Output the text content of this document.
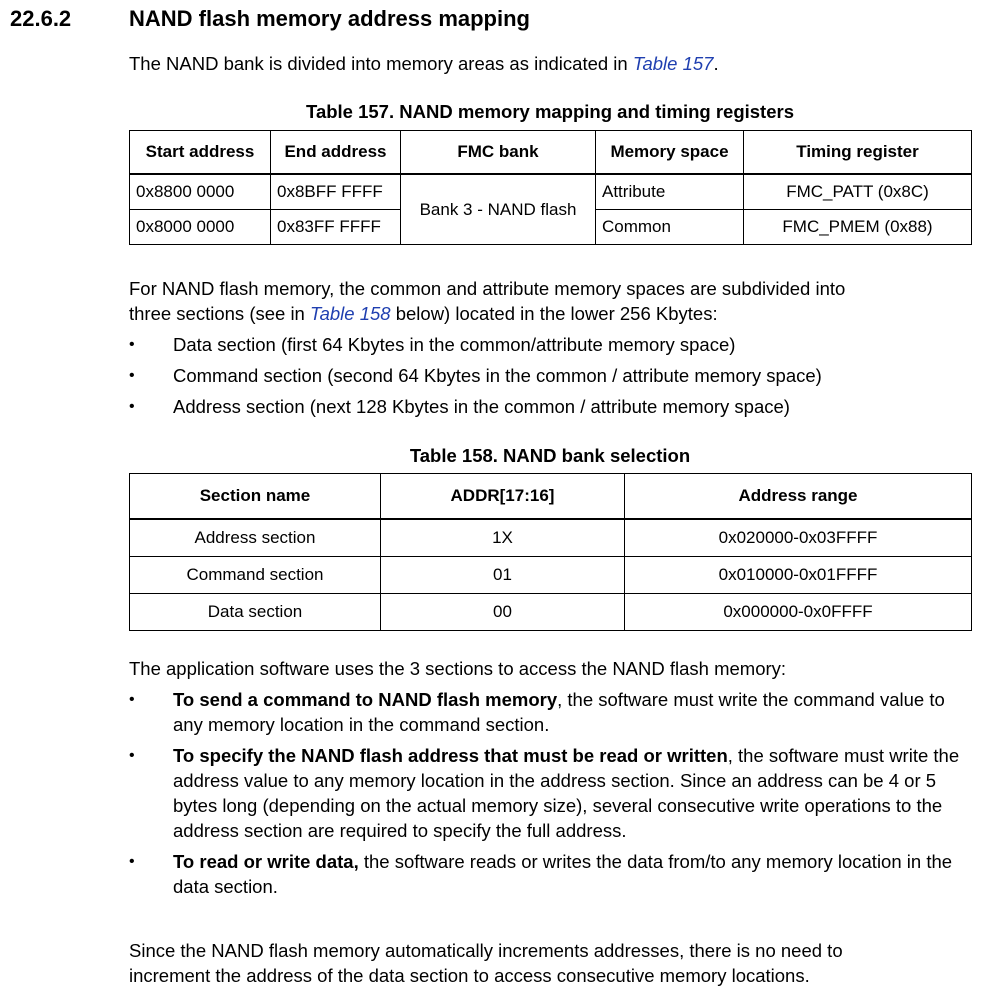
22.6.2	NAND flash memory address mapping
The NAND bank is divided into memory areas as indicated in Table 157.
Table 157. NAND memory mapping and timing registers
Start address	End address	FMC bank	Memory space	Timing register
0x8800 0000	0x8BFF FFFF	Bank 3 - NAND flash	Attribute	FMC_PATT (0x8C)
0x8000 0000	0x83FF FFFF		Common	FMC_PMEM (0x88)
For NAND flash memory, the common and attribute memory spaces are subdivided into
three sections (see in Table 158 below) located in the lower 256 Kbytes:
• Data section (first 64 Kbytes in the common/attribute memory space)
• Command section (second 64 Kbytes in the common / attribute memory space)
• Address section (next 128 Kbytes in the common / attribute memory space)
Table 158. NAND bank selection
Section name	ADDR[17:16]	Address range
Address section	1X	0x020000-0x03FFFF
Command section	01	0x010000-0x01FFFF
Data section	00	0x000000-0x0FFFF
The application software uses the 3 sections to access the NAND flash memory:
• To send a command to NAND flash memory, the software must write the command value to any memory location in the command section.
• To specify the NAND flash address that must be read or written, the software must write the address value to any memory location in the address section. Since an address can be 4 or 5 bytes long (depending on the actual memory size), several consecutive write operations to the address section are required to specify the full address.
• To read or write data, the software reads or writes the data from/to any memory location in the data section.
Since the NAND flash memory automatically increments addresses, there is no need to
increment the address of the data section to access consecutive memory locations.
